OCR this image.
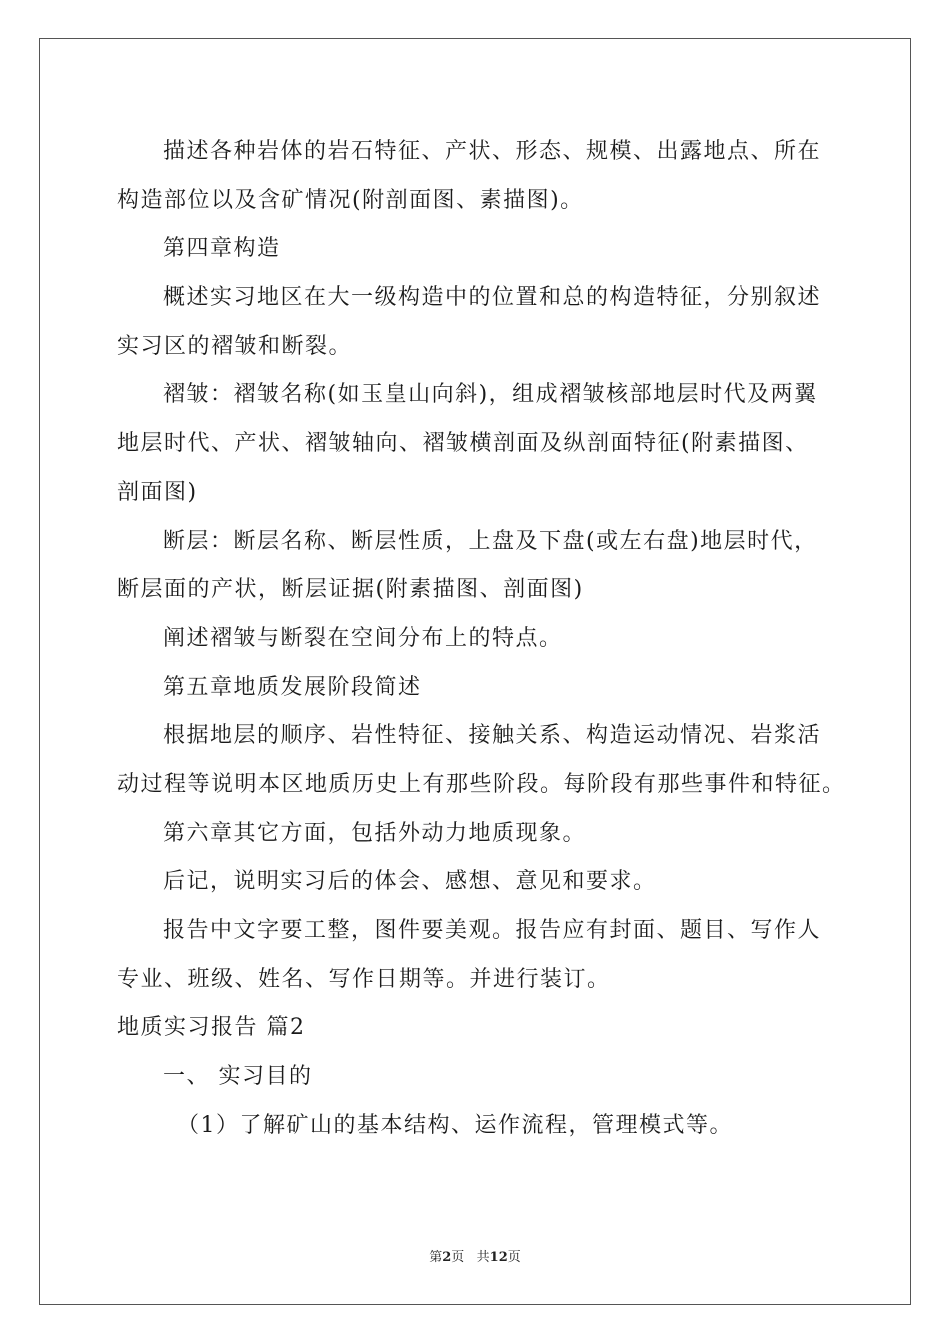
描述各种岩体的岩石特征、产状、形态、规模、出露地点、所在
构造部位以及含矿情况(附剖面图、素描图)。
第四章构造
概述实习地区在大一级构造中的位置和总的构造特征，分别叙述
实习区的褶皱和断裂。
褶皱：褶皱名称(如玉皇山向斜)，组成褶皱核部地层时代及两翼
地层时代、产状、褶皱轴向、褶皱横剖面及纵剖面特征(附素描图、
剖面图)
断层：断层名称、断层性质，上盘及下盘(或左右盘)地层时代，
断层面的产状，断层证据(附素描图、剖面图)
阐述褶皱与断裂在空间分布上的特点。
第五章地质发展阶段简述
根据地层的顺序、岩性特征、接触关系、构造运动情况、岩浆活
动过程等说明本区地质历史上有那些阶段。每阶段有那些事件和特征。
第六章其它方面，包括外动力地质现象。
后记，说明实习后的体会、感想、意见和要求。
报告中文字要工整，图件要美观。报告应有封面、题目、写作人
专业、班级、姓名、写作日期等。并进行装订。
地质实习报告 篇2
一、 实习目的
（1）了解矿山的基本结构、运作流程，管理模式等。
第2页   共12页
